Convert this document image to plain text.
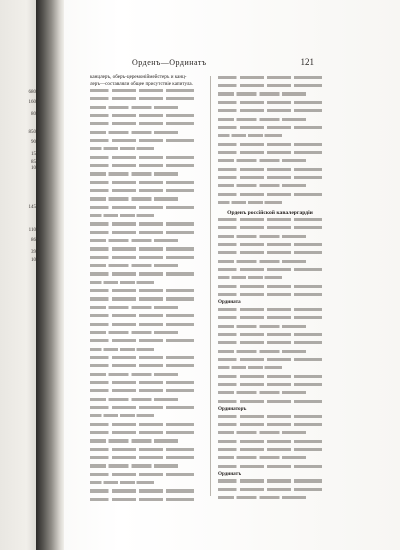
680
160
80
850
90
15
85
10
145
110
86
39
10
Орденъ—Ординатъ	121
канцлеръ, оберъ-церемоніймейстеръ и канц-
леръ—составляли общее присутствіе капитула.
Орденъ россійской кавалергардіи
Ордината
Ординаторъ
Ординатъ
